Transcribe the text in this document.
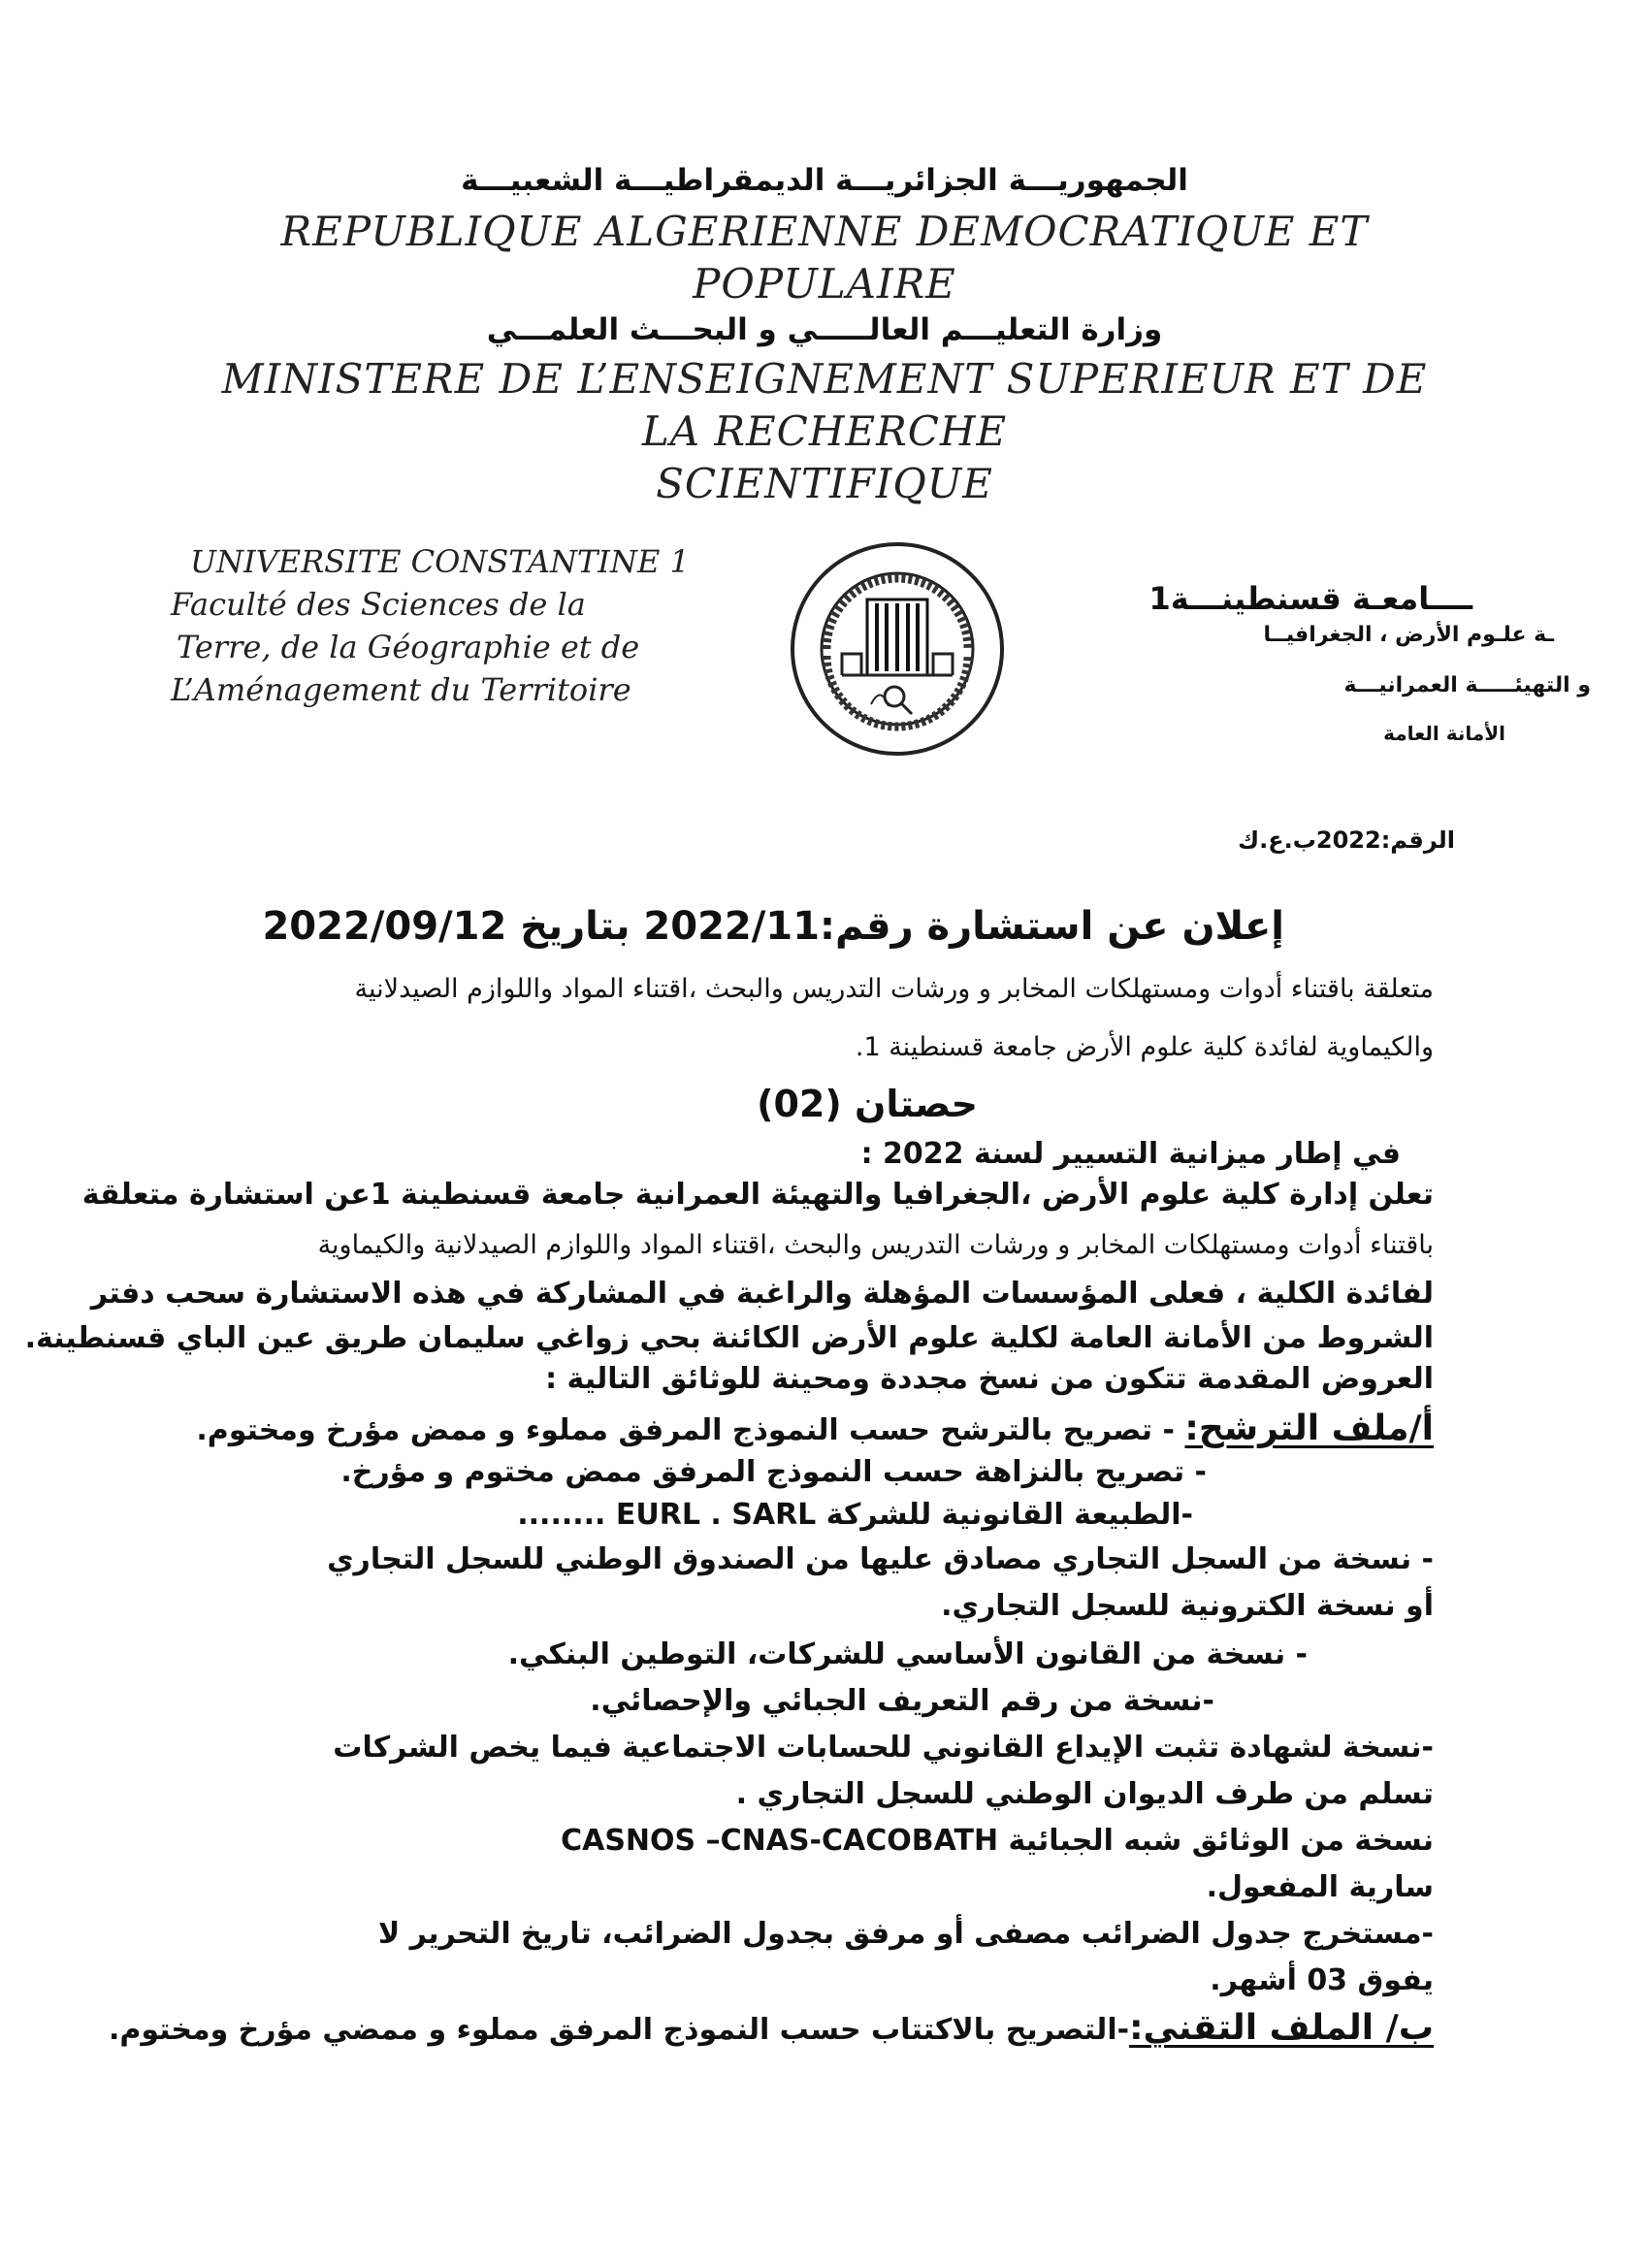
الجمهوريـــة الجزائريـــة الديمقراطيـــة الشعبيـــة
REPUBLIQUE ALGERIENNE DEMOCRATIQUE ET
POPULAIRE
وزارة التعليـــم العالـــــي و البحـــث العلمـــي
MINISTERE DE L’ENSEIGNEMENT SUPERIEUR ET DE
LA RECHERCHE
SCIENTIFIQUE
UNIVERSITE CONSTANTINE 1
Faculté des Sciences de la
Terre, de la Géographie et de
L’Aménagement du Territoire
ــــامعـة قسنطينـــة1
ـة علـوم الأرض ، الجغرافيــا
و التهيئـــــة العمرانيـــة
الأمانة العامة
الرقم:2022ب.ع.ك
إعلان عن استشارة رقم:2022/11 بتاريخ 2022/09/12
متعلقة باقتناء أدوات ومستهلكات المخابر و ورشات التدريس والبحث ،اقتناء المواد واللوازم الصيدلانية
والكيماوية لفائدة كلية علوم الأرض جامعة قسنطينة 1.
حصتان (02)
في إطار ميزانية التسيير لسنة 2022 :
تعلن إدارة كلية علوم الأرض ،الجغرافيا والتهيئة العمرانية جامعة قسنطينة 1عن استشارة متعلقة
باقتناء أدوات ومستهلكات المخابر و ورشات التدريس والبحث ،اقتناء المواد واللوازم الصيدلانية والكيماوية
لفائدة الكلية ، فعلى المؤسسات المؤهلة والراغبة في المشاركة في هذه الاستشارة سحب دفتر
الشروط من الأمانة العامة لكلية علوم الأرض الكائنة بحي زواغي سليمان طريق عين الباي قسنطينة.
العروض المقدمة تتكون من نسخ مجددة ومحينة للوثائق التالية :
أ/ملف الترشح: - تصريح بالترشح حسب النموذج المرفق مملوء و ممض مؤرخ ومختوم.
- تصريح بالنزاهة حسب النموذج المرفق ممض مختوم و مؤرخ.
-الطبيعة القانونية للشركة EURL . SARL ........
- نسخة من السجل التجاري مصادق عليها من الصندوق الوطني للسجل التجاري
أو نسخة الكترونية للسجل التجاري.
- نسخة من القانون الأساسي للشركات، التوطين البنكي.
-نسخة من رقم التعريف الجبائي والإحصائي.
-نسخة لشهادة تثبت الإيداع القانوني للحسابات الاجتماعية فيما يخص الشركات
تسلم من طرف الديوان الوطني للسجل التجاري .
نسخة من الوثائق شبه الجبائية CASNOS –CNAS-CACOBATH
سارية المفعول.
-مستخرج جدول الضرائب مصفى أو مرفق بجدول الضرائب، تاريخ التحرير لا
يفوق 03 أشهر.
ب/ الملف التقني:-التصريح بالاكتتاب حسب النموذج المرفق مملوء و ممضي مؤرخ ومختوم.
